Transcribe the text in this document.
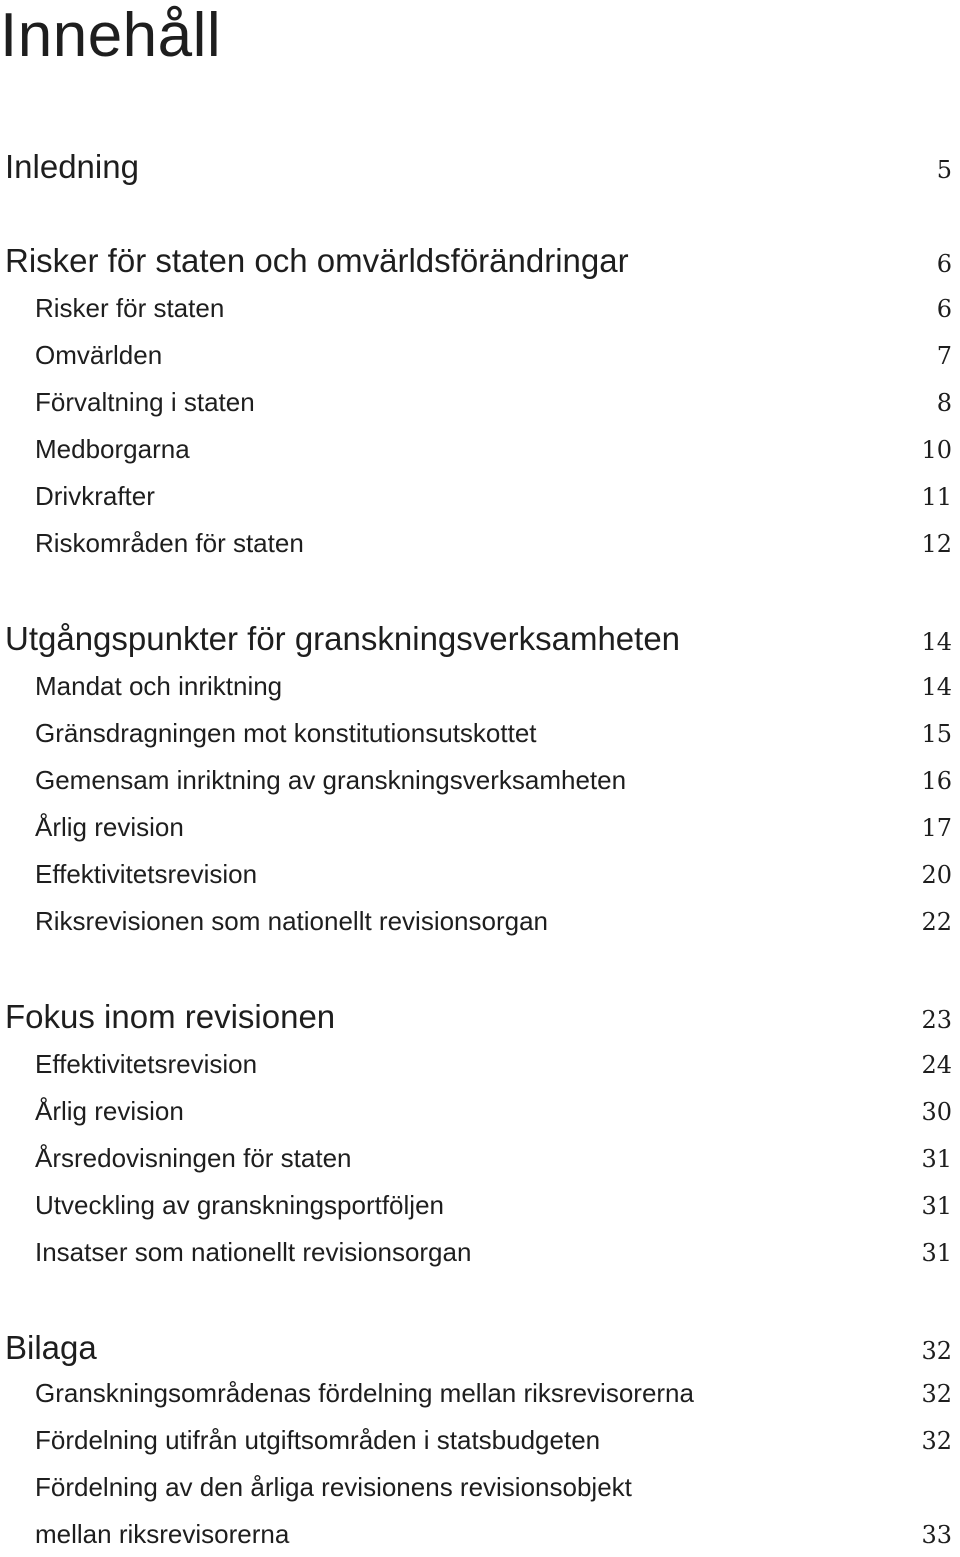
Innehåll
Inledning	5
Risker för staten och omvärldsförändringar	6
Risker för staten	6
Omvärlden	7
Förvaltning i staten	8
Medborgarna	10
Drivkrafter	11
Riskområden för staten	12
Utgångspunkter för granskningsverksamheten	14
Mandat och inriktning	14
Gränsdragningen mot konstitutionsutskottet	15
Gemensam inriktning av granskningsverksamheten	16
Årlig revision	17
Effektivitetsrevision	20
Riksrevisionen som nationellt revisionsorgan	22
Fokus inom revisionen	23
Effektivitetsrevision	24
Årlig revision	30
Årsredovisningen för staten	31
Utveckling av granskningsportföljen	31
Insatser som nationellt revisionsorgan	31
Bilaga	32
Granskningsområdenas fördelning mellan riksrevisorerna	32
Fördelning utifrån utgiftsområden i statsbudgeten	32
Fördelning av den årliga revisionens revisionsobjekt
mellan riksrevisorerna	33
